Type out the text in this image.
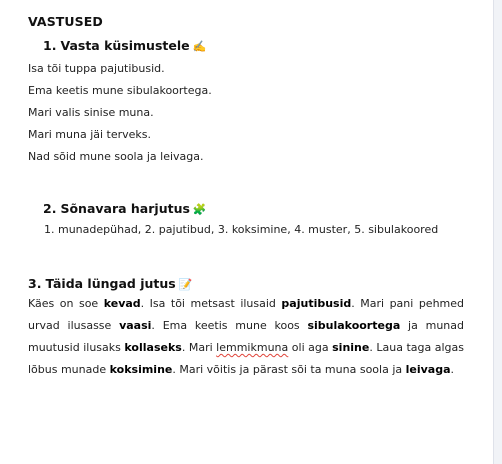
VASTUSED
1. Vasta küsimustele ✍️
Isa tõi tuppa pajutibusid.
Ema keetis mune sibulakoortega.
Mari valis sinise muna.
Mari muna jäi terveks.
Nad sõid mune soola ja leivaga.
2. Sõnavara harjutus 🧩
1. munadepühad, 2. pajutibud, 3. koksimine, 4. muster, 5. sibulakoored
3. Täida lüngad jutus 📝
Käes on soe kevad. Isa tõi metsast ilusaid pajutibusid. Mari pani pehmed urvad ilusasse vaasi. Ema keetis mune koos sibulakoortega ja munad muutusid ilusaks kollaseks. Mari lemmikmuna oli aga sinine. Laua taga algas lõbus munade koksimine. Mari võitis ja pärast sõi ta muna soola ja leivaga.
